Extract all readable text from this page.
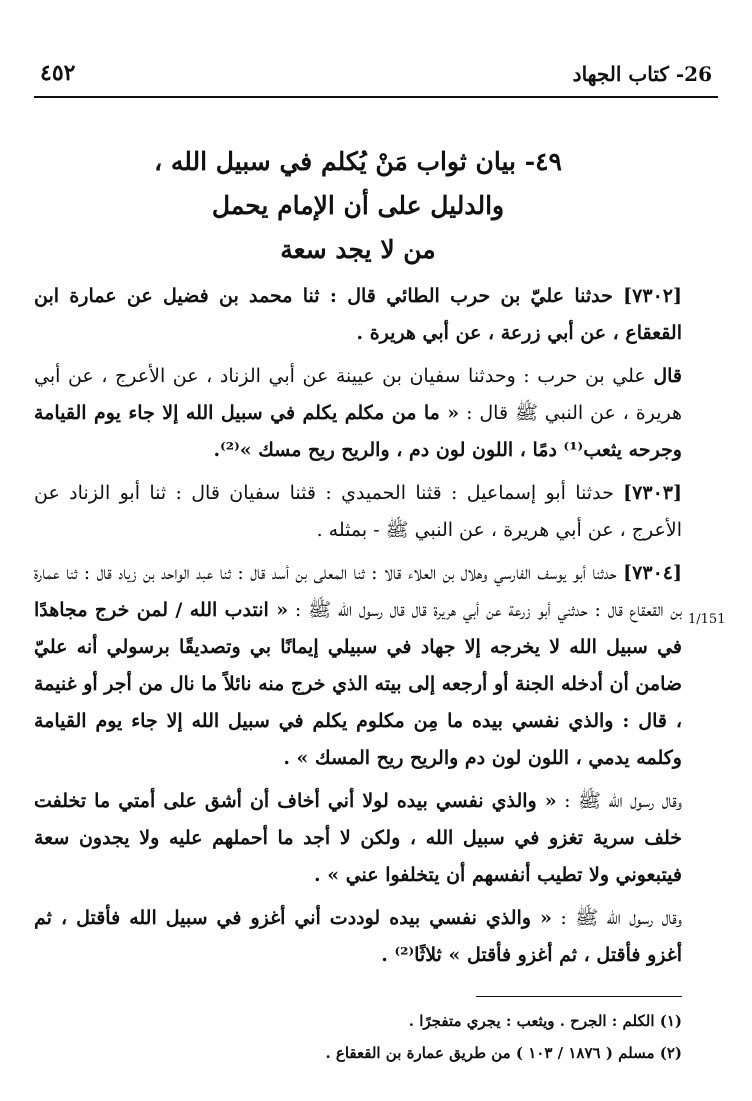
٤٥٢	26- كتاب الجهاد
1/151
٤٩- بيان ثواب مَنْ يُكلم في سبيل الله ،
والدليل على أن الإمام يحمل
من لا يجد سعة

[٧٣٠٢] حدثنا عليّ بن حرب الطائي قال : ثنا محمد بن فضيل عن عمارة ابن القعقاع ، عن أبي زرعة ، عن أبي هريرة .

قال علي بن حرب : وحدثنا سفيان بن عيينة عن أبي الزناد ، عن الأعرج ، عن أبي هريرة ، عن النبي ﷺ قال : « ما من مكلم يكلم في سبيل الله إلا جاء يوم القيامة وجرحه يثعب⁽¹⁾ دمًا ، اللون لون دم ، والريح ريح مسك »⁽²⁾.

[٧٣٠٣] حدثنا أبو إسماعيل : قثنا الحميدي : قثنا سفيان قال : ثنا أبو الزناد عن الأعرج ، عن أبي هريرة ، عن النبي ﷺ - بمثله .

[٧٣٠٤] حدثنا أبو يوسف الفارسي وهلال بن العلاء قالا : ثنا المعلى بن أسد قال : ثنا عبد الواحد بن زياد قال : ثنا عمارة بن القعقاع قال : حدثني أبو زرعة عن أبي هريرة قال قال رسول الله ﷺ : « انتدب الله / لمن خرج مجاهدًا في سبيل الله لا يخرجه إلا جهاد في سبيلي إيمانًا بي وتصديقًا برسولي أنه عليّ ضامن أن أدخله الجنة أو أرجعه إلى بيته الذي خرج منه نائلاً ما نال من أجر أو غنيمة ، قال : والذي نفسي بيده ما مِن مكلوم يكلم في سبيل الله إلا جاء يوم القيامة وكلمه يدمي ، اللون لون دم والريح ريح المسك » .

وقال رسول الله ﷺ : « والذي نفسي بيده لولا أني أخاف أن أشق على أمتي ما تخلفت خلف سرية تغزو في سبيل الله ، ولكن لا أجد ما أحملهم عليه ولا يجدون سعة فيتبعوني ولا تطيب أنفسهم أن يتخلفوا عني » .

وقال رسول الله ﷺ : « والذي نفسي بيده لوددت أني أغزو في سبيل الله فأقتل ، ثم أغزو فأقتل ، ثم أغزو فأقتل » ثلاثًا⁽²⁾ .

(١) الكلم : الجرح . ويثعب : يجري متفجرًا .

(٢) مسلم ( ١٨٧٦ / ١٠٣ ) من طريق عمارة بن القعقاع .
